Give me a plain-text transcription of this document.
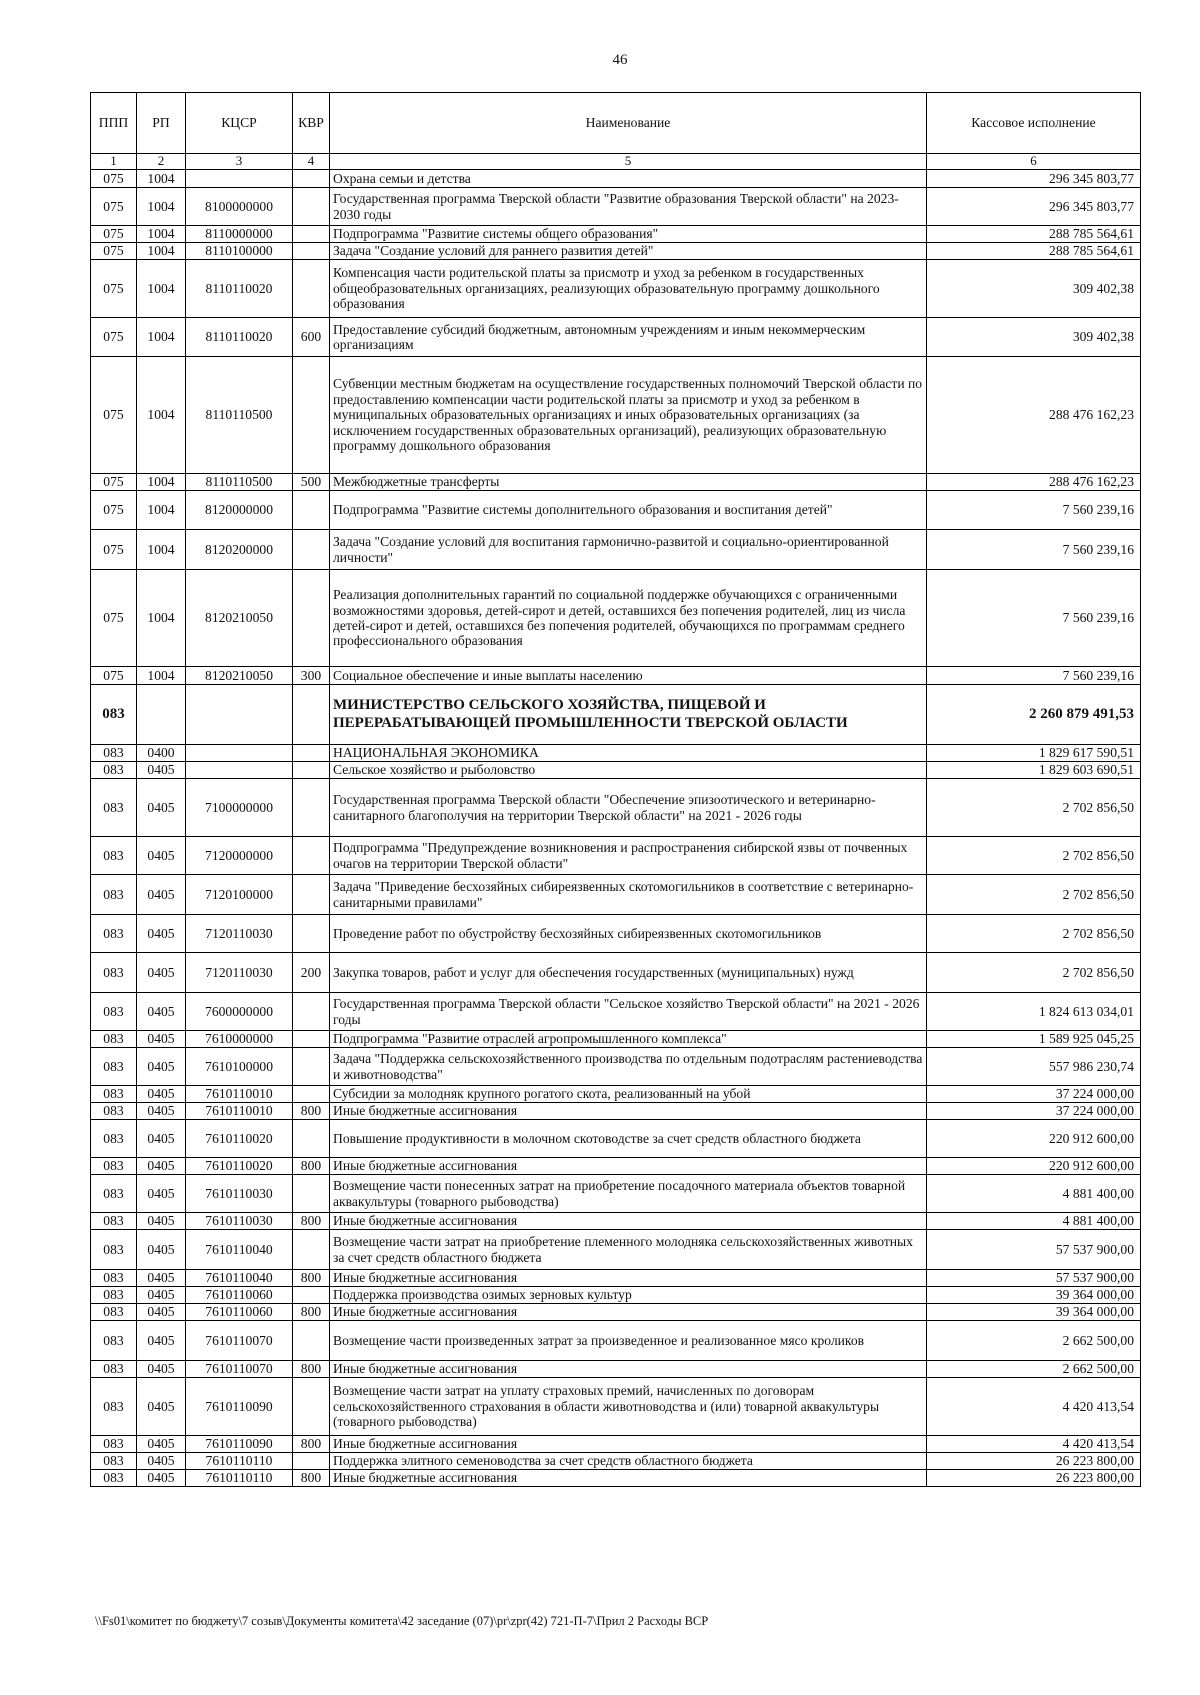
46
ППП	РП	КЦСР	КВР	Наименование	Кассовое исполнение
1	2	3	4	5	6
075	1004			Охрана семьи и детства	296 345 803,77
075	1004	8100000000		Государственная программа Тверской области "Развитие образования Тверской области" на 2023-2030 годы	296 345 803,77
075	1004	8110000000		Подпрограмма "Развитие системы общего образования"	288 785 564,61
075	1004	8110100000		Задача "Создание условий для раннего развития детей"	288 785 564,61
075	1004	8110110020		Компенсация части родительской платы за присмотр и уход за ребенком в государственных общеобразовательных организациях, реализующих образовательную программу дошкольного образования	309 402,38
075	1004	8110110020	600	Предоставление субсидий бюджетным, автономным учреждениям и иным некоммерческим организациям	309 402,38
075	1004	8110110500		Субвенции местным бюджетам на осуществление государственных полномочий Тверской области по предоставлению компенсации части родительской платы за присмотр и уход за ребенком в муниципальных образовательных организациях и иных образовательных организациях (за исключением государственных образовательных организаций), реализующих образовательную программу дошкольного образования	288 476 162,23
075	1004	8110110500	500	Межбюджетные трансферты	288 476 162,23
075	1004	8120000000		Подпрограмма "Развитие системы дополнительного образования и воспитания детей"	7 560 239,16
075	1004	8120200000		Задача "Создание условий для воспитания гармонично-развитой и социально-ориентированной личности"	7 560 239,16
075	1004	8120210050		Реализация дополнительных гарантий по социальной поддержке обучающихся с ограниченными возможностями здоровья, детей-сирот и детей, оставшихся без попечения родителей, лиц из числа детей-сирот и детей, оставшихся без попечения родителей, обучающихся по программам среднего профессионального образования	7 560 239,16
075	1004	8120210050	300	Социальное обеспечение и иные выплаты населению	7 560 239,16
083				МИНИСТЕРСТВО СЕЛЬСКОГО ХОЗЯЙСТВА, ПИЩЕВОЙ И ПЕРЕРАБАТЫВАЮЩЕЙ ПРОМЫШЛЕННОСТИ ТВЕРСКОЙ ОБЛАСТИ	2 260 879 491,53
083	0400			НАЦИОНАЛЬНАЯ ЭКОНОМИКА	1 829 617 590,51
083	0405			Сельское хозяйство и рыболовство	1 829 603 690,51
083	0405	7100000000		Государственная программа Тверской области "Обеспечение эпизоотического и ветеринарно-санитарного благополучия на территории Тверской области" на 2021 - 2026 годы	2 702 856,50
083	0405	7120000000		Подпрограмма "Предупреждение возникновения и распространения сибирской язвы от почвенных очагов на территории Тверской области"	2 702 856,50
083	0405	7120100000		Задача "Приведение бесхозяйных сибиреязвенных скотомогильников в соответствие с ветеринарно-санитарными правилами"	2 702 856,50
083	0405	7120110030		Проведение работ по обустройству бесхозяйных сибиреязвенных скотомогильников	2 702 856,50
083	0405	7120110030	200	Закупка товаров, работ и услуг для обеспечения государственных (муниципальных) нужд	2 702 856,50
083	0405	7600000000		Государственная программа Тверской области "Сельское хозяйство Тверской области" на 2021 - 2026 годы	1 824 613 034,01
083	0405	7610000000		Подпрограмма "Развитие отраслей агропромышленного комплекса"	1 589 925 045,25
083	0405	7610100000		Задача "Поддержка сельскохозяйственного производства по отдельным подотраслям растениеводства и животноводства"	557 986 230,74
083	0405	7610110010		Субсидии за молодняк крупного рогатого скота, реализованный на убой	37 224 000,00
083	0405	7610110010	800	Иные бюджетные ассигнования	37 224 000,00
083	0405	7610110020		Повышение продуктивности в молочном скотоводстве за счет средств областного бюджета	220 912 600,00
083	0405	7610110020	800	Иные бюджетные ассигнования	220 912 600,00
083	0405	7610110030		Возмещение части понесенных затрат на приобретение посадочного материала объектов товарной аквакультуры (товарного рыбоводства)	4 881 400,00
083	0405	7610110030	800	Иные бюджетные ассигнования	4 881 400,00
083	0405	7610110040		Возмещение части затрат на приобретение племенного молодняка сельскохозяйственных животных за счет средств областного бюджета	57 537 900,00
083	0405	7610110040	800	Иные бюджетные ассигнования	57 537 900,00
083	0405	7610110060		Поддержка производства озимых зерновых культур	39 364 000,00
083	0405	7610110060	800	Иные бюджетные ассигнования	39 364 000,00
083	0405	7610110070		Возмещение части произведенных затрат за произведенное и реализованное мясо кроликов	2 662 500,00
083	0405	7610110070	800	Иные бюджетные ассигнования	2 662 500,00
083	0405	7610110090		Возмещение части затрат на уплату страховых премий, начисленных по договорам сельскохозяйственного страхования в области животноводства и (или) товарной аквакультуры (товарного рыбоводства)	4 420 413,54
083	0405	7610110090	800	Иные бюджетные ассигнования	4 420 413,54
083	0405	7610110110		Поддержка элитного семеноводства за счет средств областного бюджета	26 223 800,00
083	0405	7610110110	800	Иные бюджетные ассигнования	26 223 800,00
\\Fs01\комитет по бюджету\7 созыв\Документы комитета\42 заседание (07)\pr\zpr(42) 721-П-7\Прил 2 Расходы ВСР
